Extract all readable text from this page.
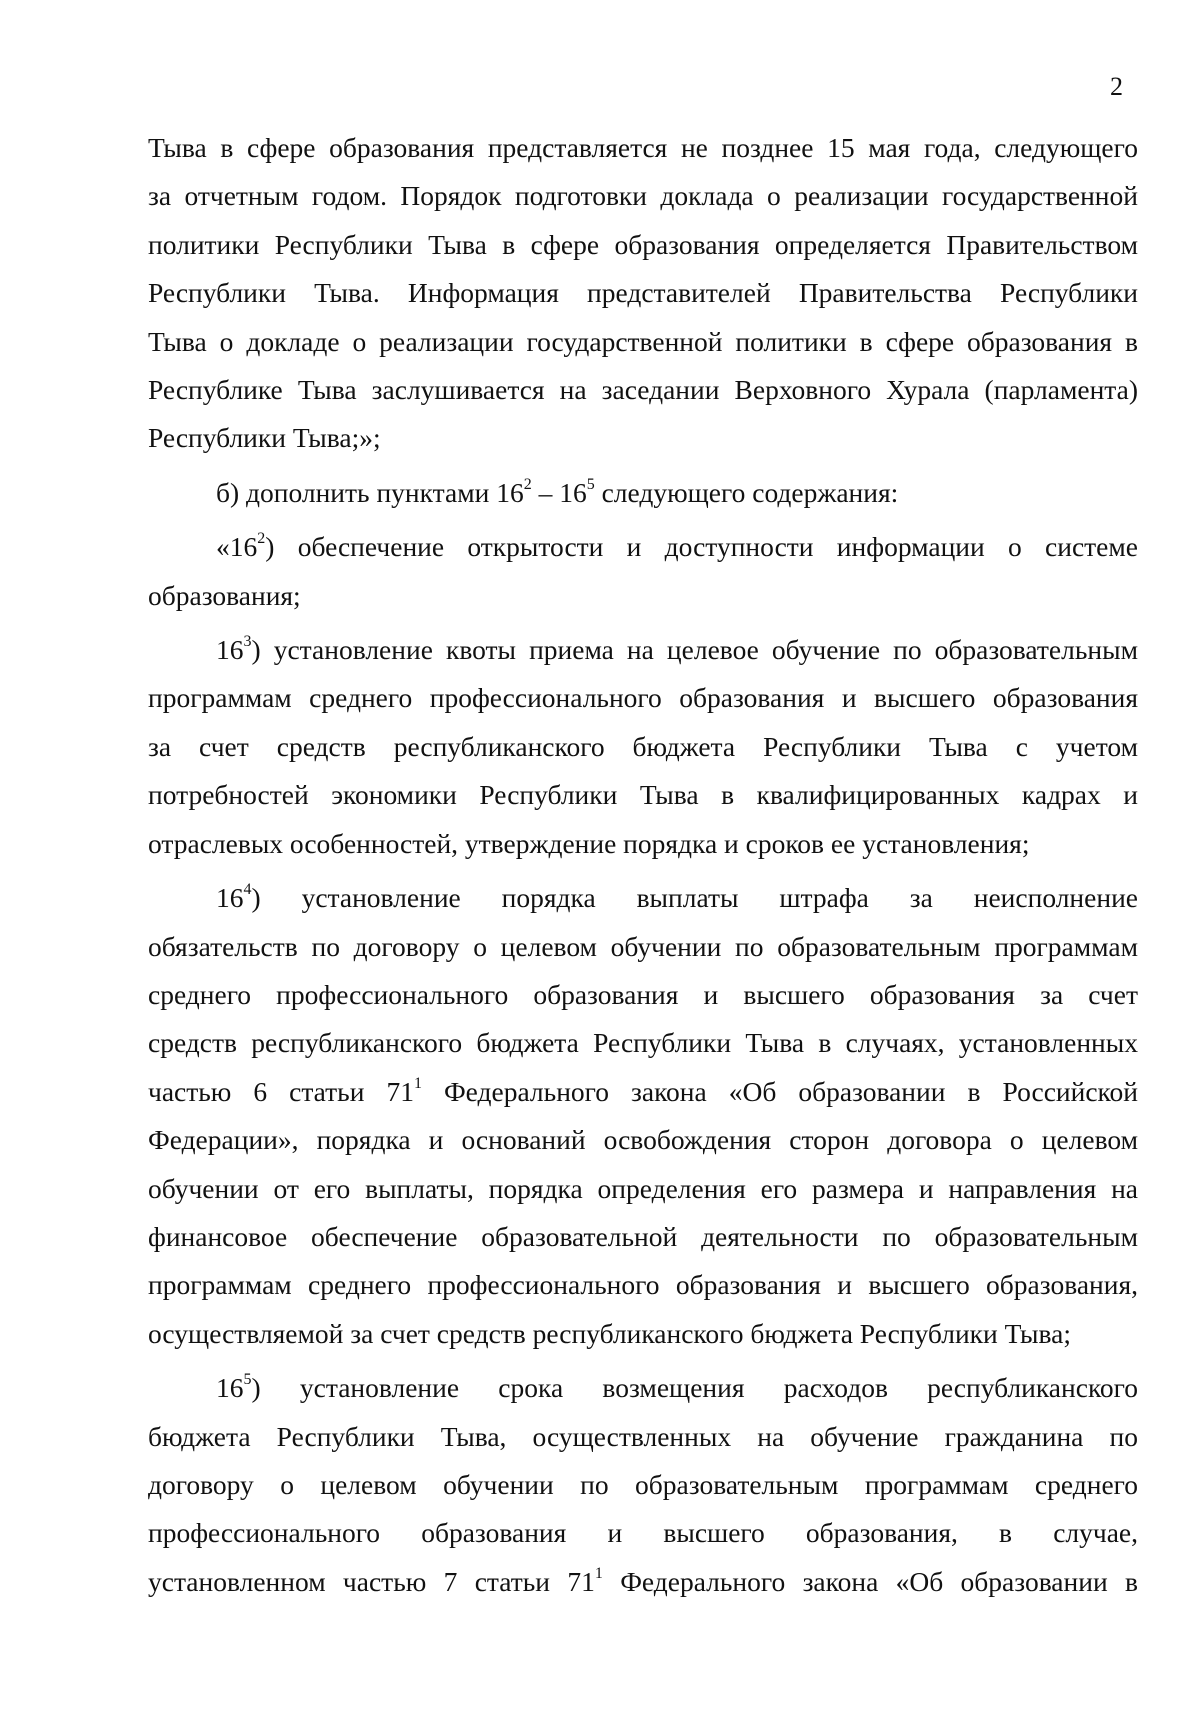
2

Тыва в сфере образования представляется не позднее 15 мая года, следующего
за отчетным годом. Порядок подготовки доклада о реализации государственной
политики Республики Тыва в сфере образования определяется Правительством
Республики Тыва. Информация представителей Правительства Республики
Тыва о докладе о реализации государственной политики в сфере образования в
Республике Тыва заслушивается на заседании Верховного Хурала (парламента)
Республики Тыва;»;

б) дополнить пунктами $16^2 - 16^5$ следующего содержания:

«$16^2$) обеспечение открытости и доступности информации о системе
образования;

$16^3$) установление квоты приема на целевое обучение по образовательным
программам среднего профессионального образования и высшего образования
за счет средств республиканского бюджета Республики Тыва с учетом
потребностей экономики Республики Тыва в квалифицированных кадрах и
отраслевых особенностей, утверждение порядка и сроков ее установления;

$16^4$) установление порядка выплаты штрафа за неисполнение
обязательств по договору о целевом обучении по образовательным программам
среднего профессионального образования и высшего образования за счет
средств республиканского бюджета Республики Тыва в случаях, установленных
частью 6 статьи $71^1$ Федерального закона «Об образовании в Российской
Федерации», порядка и оснований освобождения сторон договора о целевом
обучении от его выплаты, порядка определения его размера и направления на
финансовое обеспечение образовательной деятельности по образовательным
программам среднего профессионального образования и высшего образования,
осуществляемой за счет средств республиканского бюджета Республики Тыва;

$16^5$) установление срока возмещения расходов республиканского
бюджета Республики Тыва, осуществленных на обучение гражданина по
договору о целевом обучении по образовательным программам среднего
профессионального образования и высшего образования, в случае,
установленном частью 7 статьи $71^1$ Федерального закона «Об образовании в
